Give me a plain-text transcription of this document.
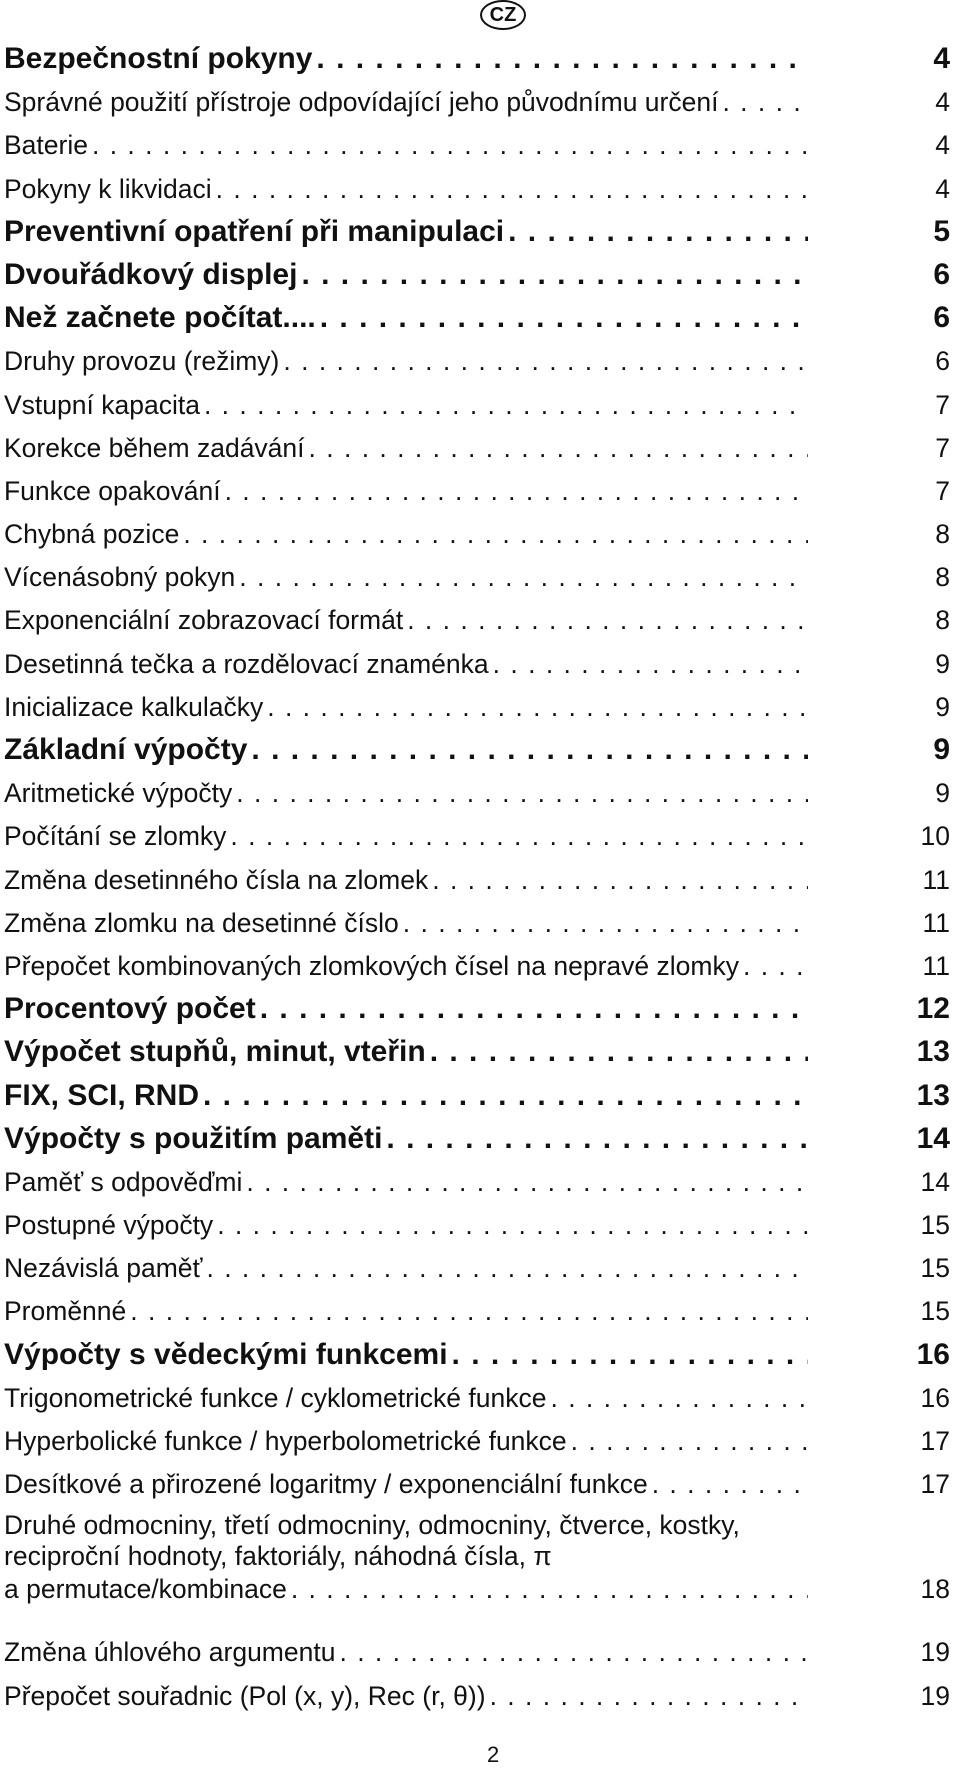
CZ
Bezpečnostní pokyny . . .	4
Správné použití přístroje odpovídající jeho původnímu určení . . .	4
Baterie . . .	4
Pokyny k likvidaci . . .	4
Preventivní opatření při manipulaci . . .	5
Dvouřádkový displej . . .	6
Než začnete počítat.... . . .	6
Druhy provozu (režimy) . . .	6
Vstupní kapacita . . .	7
Korekce během zadávání . . .	7
Funkce opakování . . .	7
Chybná pozice . . .	8
Vícenásobný pokyn . . .	8
Exponenciální zobrazovací formát . . .	8
Desetinná tečka a rozdělovací znaménka . . .	9
Inicializace kalkulačky . . .	9
Základní výpočty . . .	9
Aritmetické výpočty . . .	9
Počítání se zlomky . . .	10
Změna desetinného čísla na zlomek . . .	11
Změna zlomku na desetinné číslo . . .	11
Přepočet kombinovaných zlomkových čísel na nepravé zlomky . . .	11
Procentový počet . . .	12
Výpočet stupňů, minut, vteřin . . .	13
FIX, SCI, RND . . .	13
Výpočty s použitím paměti . . .	14
Paměť s odpověďmi . . .	14
Postupné výpočty . . .	15
Nezávislá paměť . . .	15
Proměnné . . .	15
Výpočty s vědeckými funkcemi . . .	16
Trigonometrické funkce / cyklometrické funkce . . .	16
Hyperbolické funkce / hyperbolometrické funkce . . .	17
Desítkové a přirozené logaritmy / exponenciální funkce . . .	17
Druhé odmocniny, třetí odmocniny, odmocniny, čtverce, kostky,
reciproční hodnoty, faktoriály, náhodná čísla, π
a permutace/kombinace . . .	18
Změna úhlového argumentu . . .	19
Přepočet souřadnic (Pol (x, y), Rec (r, θ)) . . .	19
2
